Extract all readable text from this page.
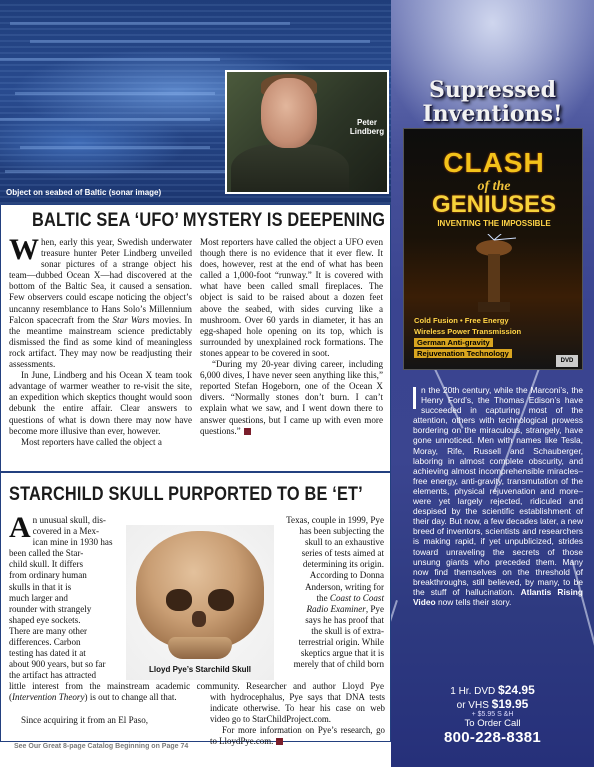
Peter
Lindberg
Object on seabed of Baltic (sonar image)
BALTIC SEA ‘UFO’ MYSTERY IS DEEPENING

When, early this year, Swedish underwater treasure hunter Peter Lindberg unveiled sonar pictures of a strange object his team—dubbed Ocean X—had discovered at the bottom of the Baltic Sea, it caused a sensation. Few observers could escape noticing the object’s uncanny resemblance to Hans Solo’s Millennium Falcon spacecraft from the Star Wars movies. In the meantime mainstream science predictably dismissed the find as some kind of meaningless rock artifact. They may now be readjusting their assessments.

In June, Lindberg and his Ocean X team took advantage of warmer weather to re-visit the site, an expedition which skeptics thought would soon debunk the entire affair. Clear answers to questions of what is down there may now have become more illusive than ever, however.

Most reporters have called the object a

Most reporters have called the object a UFO even though there is no evidence that it ever flew. It does, however, rest at the end of what has been called a 1,000-foot “runway.” It is covered with what have been called small fireplaces. The object is said to be raised about a dozen feet above the seabed, with sides curving like a mushroom. Over 60 yards in diameter, it has an egg-shaped hole opening on its top, which is surrounded by unexplained rock formations. The stones appear to be covered in soot.

“During my 20-year diving career, including 6,000 dives, I have never seen anything like this,” reported Stefan Hogeborn, one of the Ocean X divers. “Normally stones don’t burn. I can’t explain what we saw, and I went down there to answer questions, but I came up with even more questions.”

STARCHILD SKULL PURPORTED TO BE ‘ET’
A n unusual skull, dis-
covered in a Mex-
ican mine in 1930 has
been called the Star-
child skull. It differs
from ordinary human
skulls in that it is
much larger and
rounder with strangely
shaped eye sockets.
There are many other
differences. Carbon
testing has dated it at
about 900 years, but so far
the artifact has attracted
Since acquiring it from an El Paso,

little interest from the mainstream academic community. Researcher and author Lloyd Pye (Intervention Theory) is out to change all that.

Texas, couple in 1999, Pye
has been subjecting the
skull to an exhaustive
series of tests aimed at
determining its origin.
According to Donna
Anderson, writing for
the Coast to Coast
Radio Examiner, Pye
says he has proof that
the skull is of extra-
terrestrial origin. While
skeptics argue that it is
merely that of child born
Lloyd Pye’s Starchild Skull
See Our Great 8-page Catalog Beginning on Page 74
Supressed
Inventions!
CLASH
of the
GENIUSES
INVENTING THE IMPOSSIBLE
Cold Fusion • Free Energy
Wireless Power Transmission
German Anti-gravity
Rejuvenation Technology
DVD
n the 20th century, while the Marconi’s, the Henry Ford’s, the Thomas Edison’s have succeeded in capturing most of the attention, others with technological prowess bordering on the miraculous, strangely, have gone unnoticed. Men with names like Tesla, Moray, Rife, Russell and Schauberger, laboring in almost complete obscurity, and achieving almost incomprehensible miracles–free energy, anti-gravity, transmutation of the elements, physical rejuvenation and more–were yet largely rejected, ridiculed and despised by the scientific establishment of their day. But now, a few decades later, a new breed of inventors, scientists and researchers is making rapid, if yet unpublicized, strides toward unraveling the secrets of those unsung giants who preceded them. Many now find themselves on the threshold of breakthroughs, still believed, by many, to be the stuff of hallucination. Atlantis Rising Video now tells their story.
1 Hr. DVD $24.95
or VHS $19.95
+ $5.95 S &H
To Order Call
800-228-8381

with hydrocephalus, Pye says that DNA tests indicate otherwise. To hear his case on web video go to StarChildProject.com.

For more information on Pye’s research, go to LloydPye.com.
